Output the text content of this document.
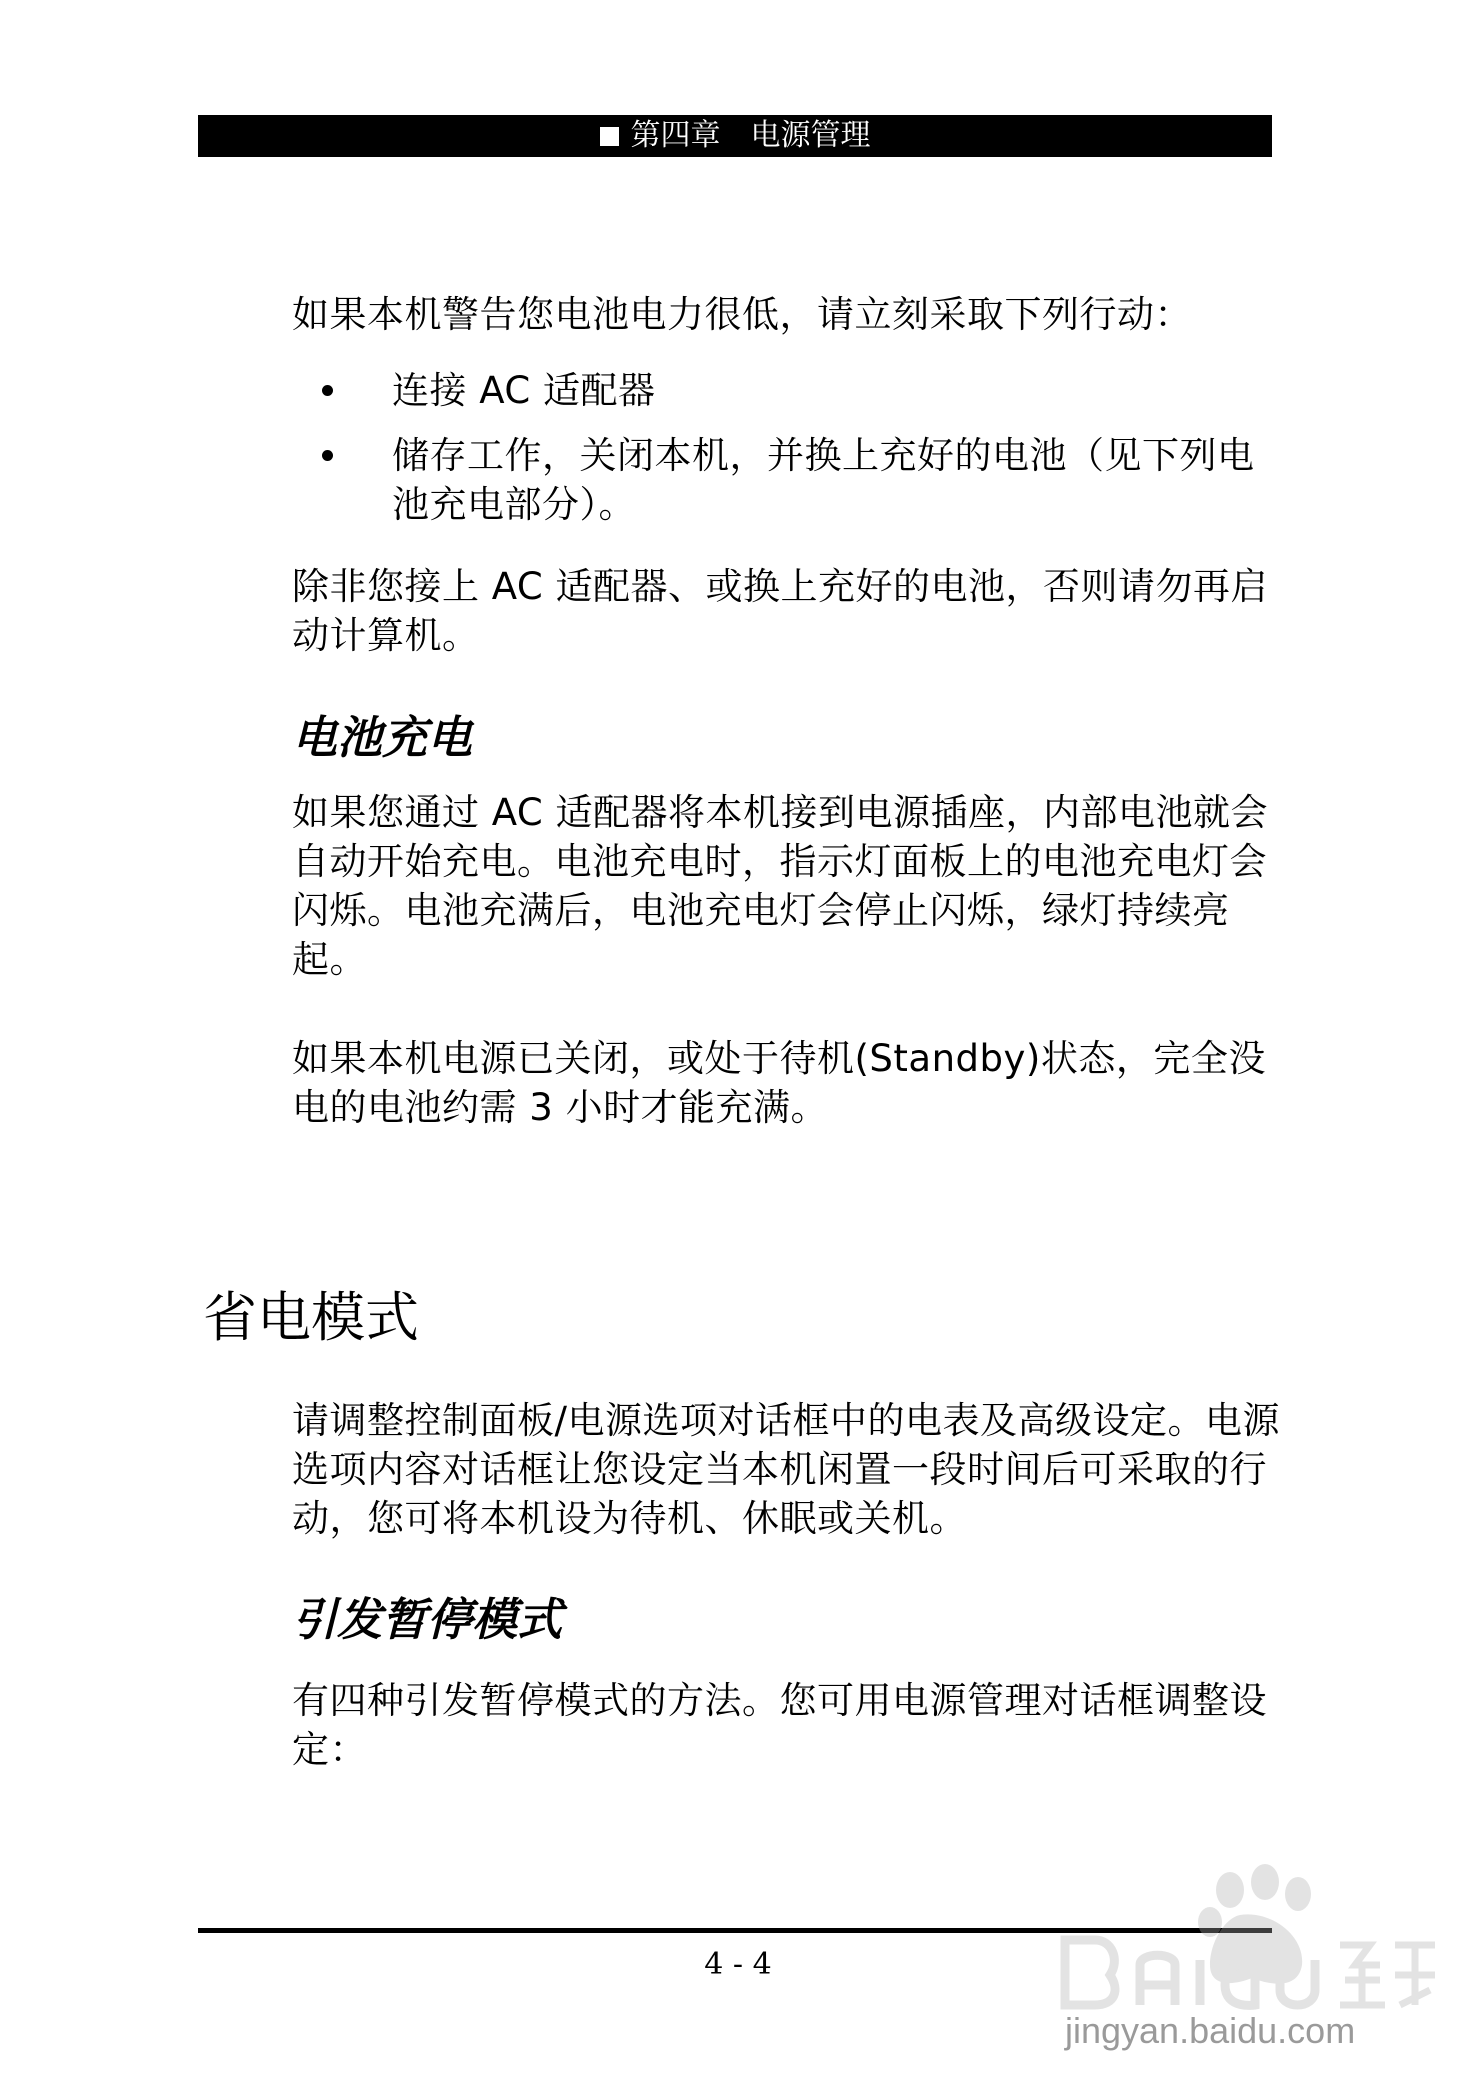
第四章　电源管理

如果本机警告您电池电力很低，请立刻采取下列行动：

连接 AC 适配器
储存工作，关闭本机，并换上充好的电池（见下列电池充电部分）。

除非您接上 AC 适配器、或换上充好的电池，否则请勿再启动计算机。

电池充电

如果您通过 AC 适配器将本机接到电源插座，内部电池就会自动开始充电。电池充电时，指示灯面板上的电池充电灯会闪烁。电池充满后，电池充电灯会停止闪烁，绿灯持续亮起。

如果本机电源已关闭，或处于待机(Standby)状态，完全没电的电池约需 3 小时才能充满。

省电模式

请调整控制面板/电源选项对话框中的电表及高级设定。电源选项内容对话框让您设定当本机闲置一段时间后可采取的行动，您可将本机设为待机、休眠或关机。

引发暂停模式

有四种引发暂停模式的方法。您可用电源管理对话框调整设定：

4 - 4
jingyan.baidu.com
